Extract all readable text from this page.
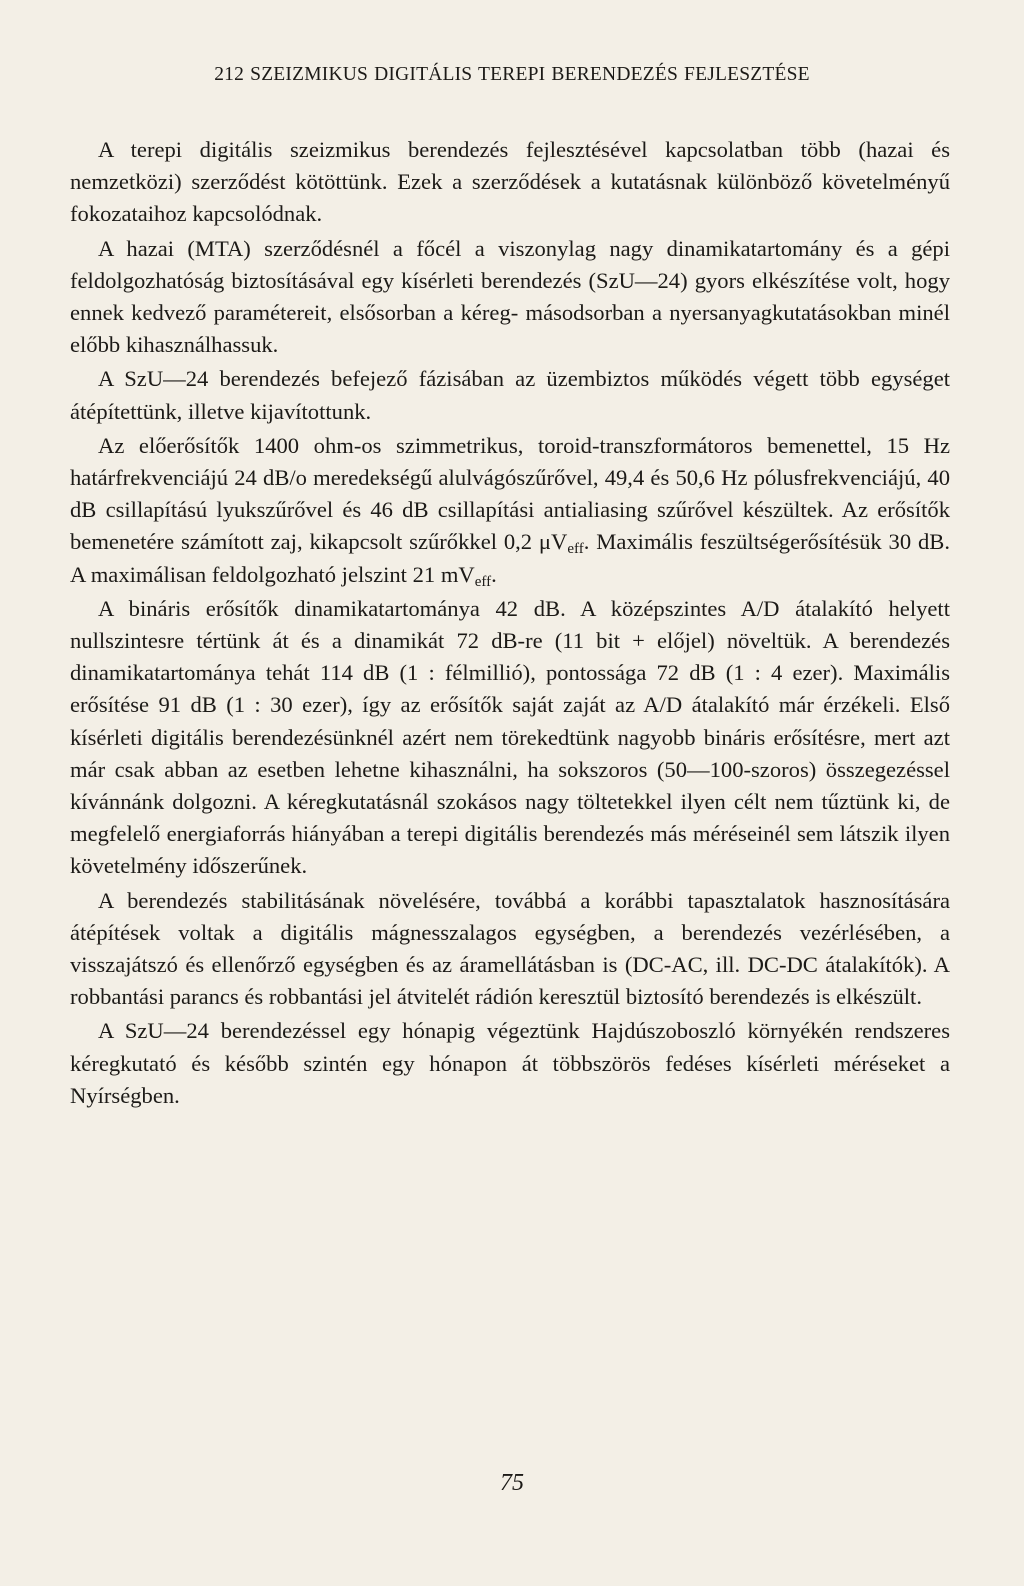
212 SZEIZMIKUS DIGITÁLIS TEREPI BERENDEZÉS FEJLESZTÉSE

A terepi digitális szeizmikus berendezés fejlesztésével kapcsolatban több (hazai és nemzetközi) szerződést kötöttünk. Ezek a szerződések a kutatásnak különböző követelményű fokozataihoz kapcsolódnak.

A hazai (MTA) szerződésnél a főcél a viszonylag nagy dinamikatartomány és a gépi feldolgozhatóság biztosításával egy kísérleti berendezés (SzU—24) gyors elkészítése volt, hogy ennek kedvező paramétereit, elsősorban a kéreg- másodsorban a nyersanyagkutatásokban minél előbb kihasználhassuk.

A SzU—24 berendezés befejező fázisában az üzembiztos működés végett több egységet átépítettünk, illetve kijavítottunk.

Az előerősítők 1400 ohm-os szimmetrikus, toroid-transzformátoros bemenettel, 15 Hz határfrekvenciájú 24 dB/o meredekségű alulvágószűrővel, 49,4 és 50,6 Hz pólusfrekvenciájú, 40 dB csillapítású lyukszűrővel és 46 dB csillapítási antialiasing szűrővel készültek. Az erősítők bemenetére számított zaj, kikapcsolt szűrőkkel 0,2 $\mu V_{eff}$. Maximális feszültségerősítésük 30 dB. A maximálisan feldolgozható jelszint 21 $mV_{eff}$.

A bináris erősítők dinamikatartománya 42 dB. A középszintes A/D átalakító helyett nullszintesre tértünk át és a dinamikát 72 dB-re (11 bit + előjel) növeltük. A berendezés dinamikatartománya tehát 114 dB (1 : félmillió), pontossága 72 dB (1 : 4 ezer). Maximális erősítése 91 dB (1 : 30 ezer), így az erősítők saját zaját az A/D átalakító már érzékeli. Első kísérleti digitális berendezésünknél azért nem törekedtünk nagyobb bináris erősítésre, mert azt már csak abban az esetben lehetne kihasználni, ha sokszoros (50—100-szoros) összegezéssel kívánnánk dolgozni. A kéregkutatásnál szokásos nagy töltetekkel ilyen célt nem tűztünk ki, de megfelelő energiaforrás hiányában a terepi digitális berendezés más méréseinél sem látszik ilyen követelmény időszerűnek.

A berendezés stabilitásának növelésére, továbbá a korábbi tapasztalatok hasznosítására átépítések voltak a digitális mágnesszalagos egységben, a berendezés vezérlésében, a visszajátszó és ellenőrző egységben és az áramellátásban is (DC-AC, ill. DC-DC átalakítók). A robbantási parancs és robbantási jel átvitelét rádión keresztül biztosító berendezés is elkészült.

A SzU—24 berendezéssel egy hónapig végeztünk Hajdúszoboszló környékén rendszeres kéregkutató és később szintén egy hónapon át többszörös fedéses kísérleti méréseket a Nyírségben.

75
